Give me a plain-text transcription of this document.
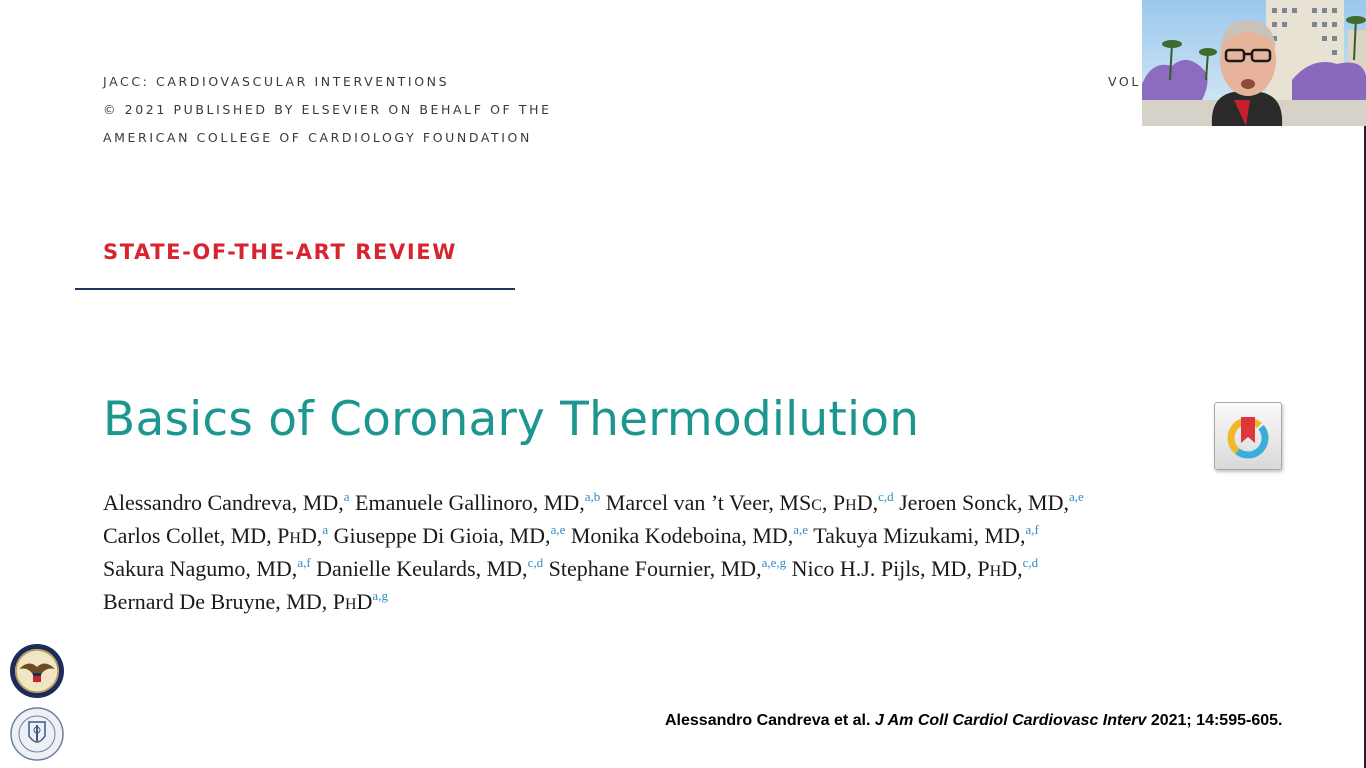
JACC: CARDIOVASCULAR INTERVENTIONS
© 2021 PUBLISHED BY ELSEVIER ON BEHALF OF THE
AMERICAN COLLEGE OF CARDIOLOGY FOUNDATION
VOL
STATE-OF-THE-ART REVIEW
Basics of Coronary Thermodilution
Alessandro Candreva, MD,$^a$ Emanuele Gallinoro, MD,$^{a,b}$ Marcel van ’t Veer, MSC, PHD,$^{c,d}$ Jeroen Sonck, MD,$^{a,e}$
Carlos Collet, MD, PHD,$^a$ Giuseppe Di Gioia, MD,$^{a,e}$ Monika Kodeboina, MD,$^{a,e}$ Takuya Mizukami, MD,$^{a,f}$
Sakura Nagumo, MD,$^{a,f}$ Danielle Keulards, MD,$^{c,d}$ Stephane Fournier, MD,$^{a,e,g}$ Nico H.J. Pijls, MD, PHD,$^{c,d}$
Bernard De Bruyne, MD, PHD$^{a,g}$
Alessandro Candreva et al. J Am Coll Cardiol Cardiovasc Interv 2021; 14:595-605.
